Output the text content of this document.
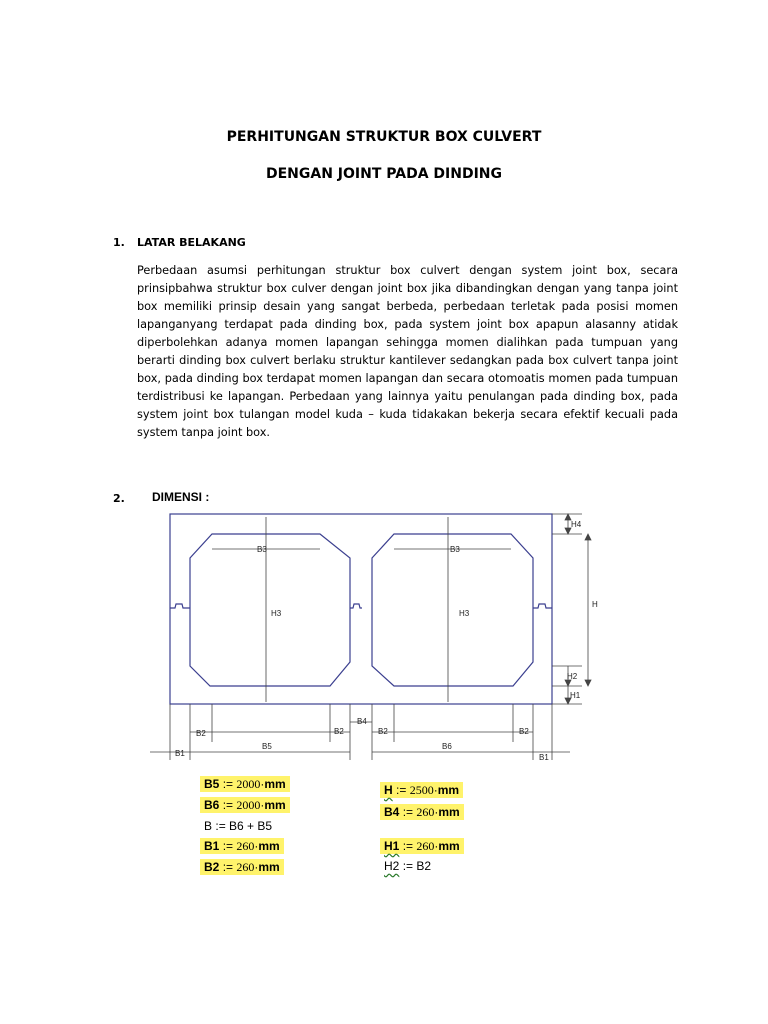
PERHITUNGAN STRUKTUR BOX CULVERT
DENGAN JOINT PADA DINDING
1. LATAR BELAKANG
Perbedaan asumsi perhitungan struktur box culvert dengan system joint box, secara prinsipbahwa struktur box culver dengan joint box jika dibandingkan dengan yang tanpa joint box memiliki prinsip desain yang sangat berbeda, perbedaan terletak pada posisi momen lapanganyang terdapat pada dinding box, pada system joint box apapun alasanny atidak diperbolehkan adanya momen lapangan sehingga momen dialihkan pada tumpuan yang berarti dinding box culvert berlaku struktur kantilever sedangkan pada box culvert tanpa joint box, pada dinding box terdapat momen lapangan dan secara otomoatis momen pada tumpuan terdistribusi ke lapangan. Perbedaan yang lainnya yaitu penulangan pada dinding box, pada system joint box tulangan model kuda – kuda tidakakan bekerja secara efektif kecuali pada system tanpa joint box.
2. DIMENSI :
B3	B3
H3	H3
H4
H
H2
H1
B4
B2	B2	B2	B2
B5	B6
B1	B1
B5 := 2000·mm
B6 := 2000·mm
B := B6 + B5
B1 := 260·mm
B2 := 260·mm
H := 2500·mm
B4 := 260·mm
H1 := 260·mm
H2 := B2
